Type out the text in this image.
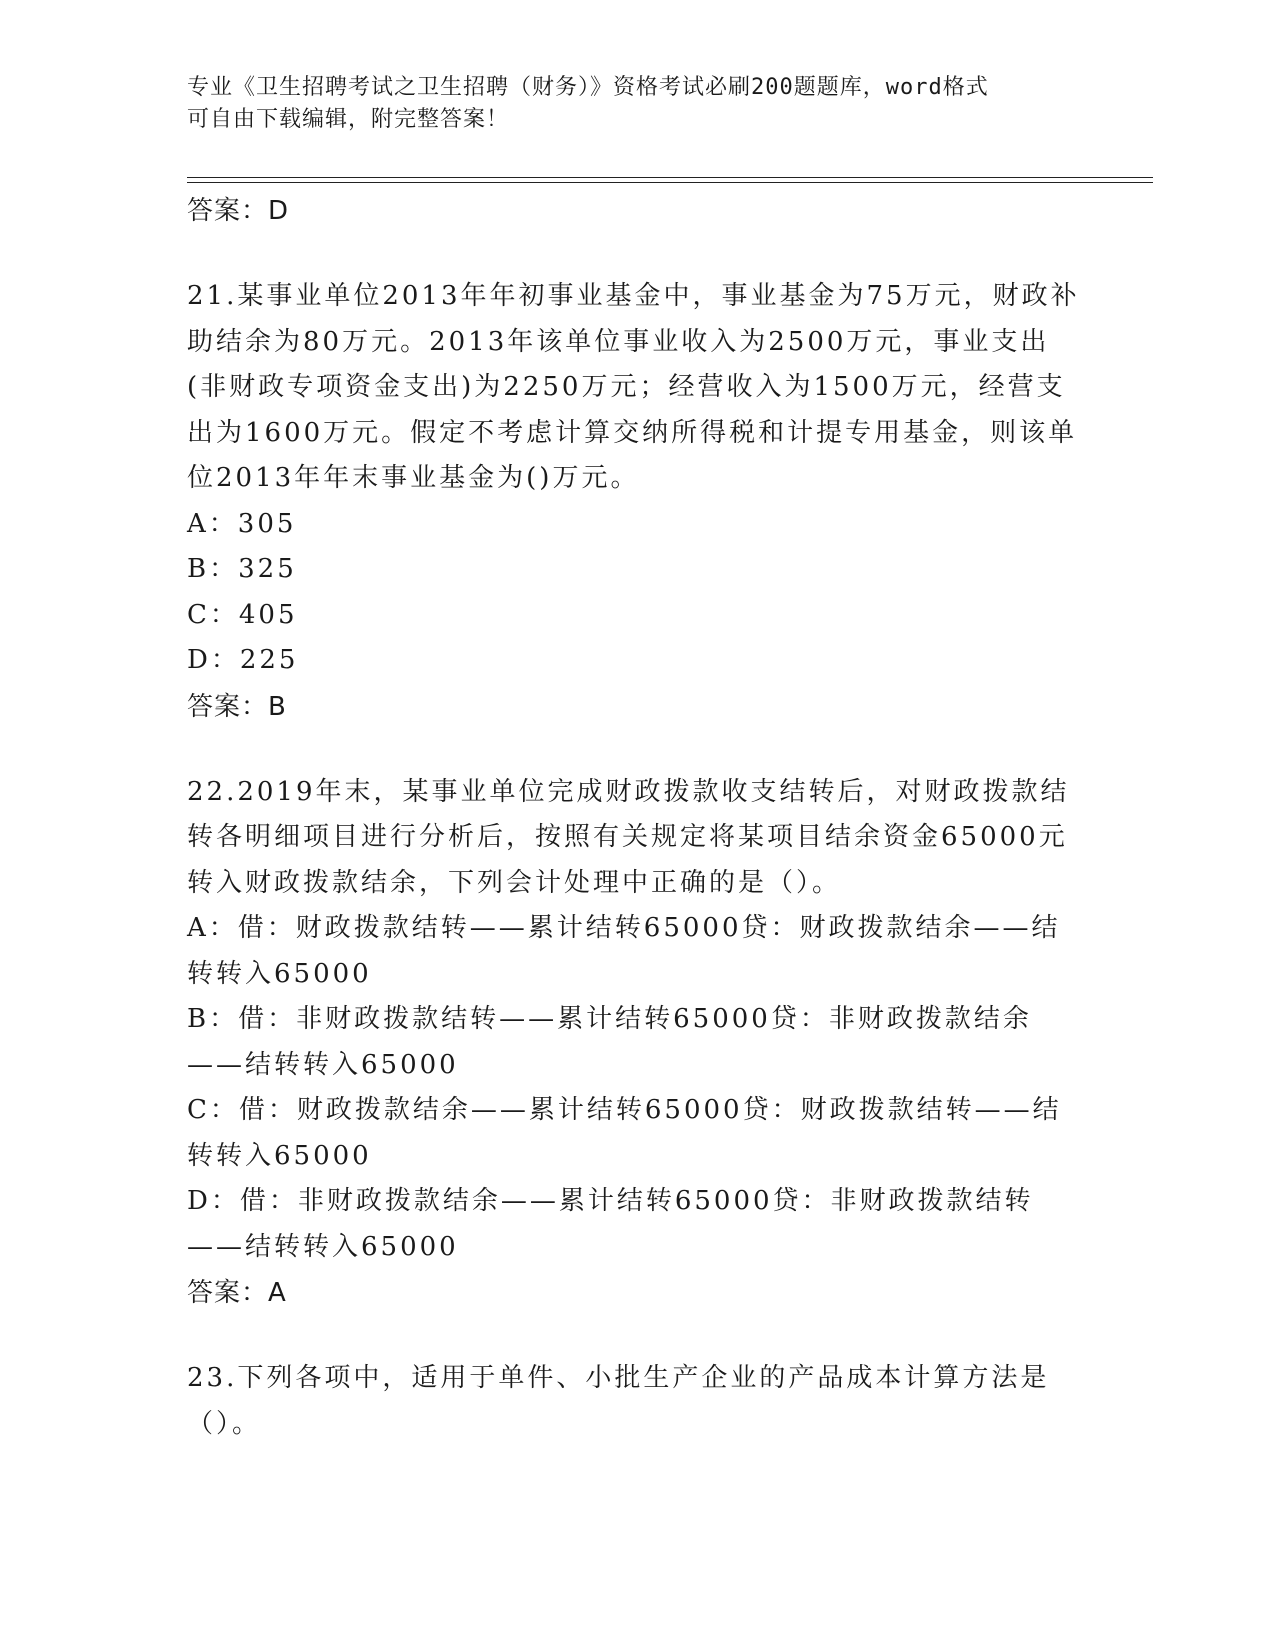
专业《卫生招聘考试之卫生招聘（财务）》资格考试必刷200题题库，word格式
可自由下载编辑，附完整答案！
答案：D
21.某事业单位2013年年初事业基金中，事业基金为75万元，财政补助结余为80万元。2013年该单位事业收入为2500万元，事业支出(非财政专项资金支出)为2250万元；经营收入为1500万元，经营支出为1600万元。假定不考虑计算交纳所得税和计提专用基金，则该单位2013年年末事业基金为()万元。
A：305
B：325
C：405
D：225
答案：B
22.2019年末，某事业单位完成财政拨款收支结转后，对财政拨款结转各明细项目进行分析后，按照有关规定将某项目结余资金65000元转入财政拨款结余，下列会计处理中正确的是（）。
A：借：财政拨款结转——累计结转65000贷：财政拨款结余——结转转入65000
B：借：非财政拨款结转——累计结转65000贷：非财政拨款结余——结转转入65000
C：借：财政拨款结余——累计结转65000贷：财政拨款结转——结转转入65000
D：借：非财政拨款结余——累计结转65000贷：非财政拨款结转——结转转入65000
答案：A
23.下列各项中，适用于单件、小批生产企业的产品成本计算方法是（）。
